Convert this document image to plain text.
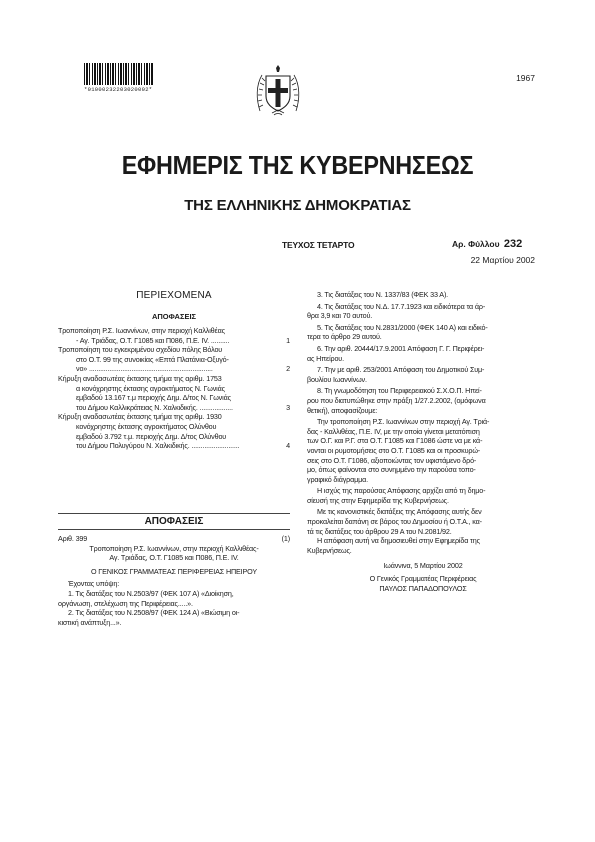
*01000232203020002*
1967
ΕΦΗΜΕΡΙΣ ΤΗΣ ΚΥΒΕΡΝΗΣΕΩΣ
ΤΗΣ ΕΛΛΗΝΙΚΗΣ ΔΗΜΟΚΡΑΤΙΑΣ
ΤΕΥΧΟΣ ΤΕΤΑΡΤΟ	Αρ. Φύλλου 232
22 Μαρτίου 2002
ΠΕΡΙΕΧΟΜΕΝΑ
ΑΠΟΦΑΣΕΙΣ
Τροποποίηση Ρ.Σ. Ιωαννίνων, στην περιοχή Καλλιθέας
- Αγ. Τριάδας, Ο.Τ. Γ1085 και Π086, Π.Ε. IV. ..........	1
Τροποποίηση του εγκεκριμένου σχεδίου πόλης Βόλου
στο Ο.Τ. 99 της συνοικίας «Επτά Πλατάνια-Οξυγό-
νο» ...................................................................	2
Κήρυξη αναδασωτέας έκτασης τμήμα της αριθμ. 1753
α κονόχρηστης έκτασης αγροκτήματος Ν. Γωνιάς
εμβαδού 13.167 τ.μ περιοχής Δημ. Δ/τος Ν. Γωνιάς
του Δήμου Καλλικράτειας Ν. Χαλκιδικής. ..................	3
Κήρυξη αναδασωτέας έκτασης τμήμα της αριθμ. 1930
κονόχρηστης έκτασης αγροκτήματος Ολύνθου
εμβαδού 3.792 τ.μ. περιοχής Δημ. Δ/τος Ολύνθου
του Δήμου Πολυγύρου Ν. Χαλκιδικής. ..........................	4
ΑΠΟΦΑΣΕΙΣ
Αριθ. 399	(1)

Τροποποίηση Ρ.Σ. Ιωαννίνων, στην περιοχή Καλλιθέας-

Αγ. Τριάδας, Ο.Τ. Γ1085 και Π086, Π.Ε. IV.

Ο ΓΕΝΙΚΟΣ ΓΡΑΜΜΑΤΕΑΣ ΠΕΡΙΦΕΡΕΙΑΣ ΗΠΕΙΡΟΥ

Έχοντας υπόψη:

1. Τις διατάξεις του Ν.2503/97 (ΦΕΚ 107 Α) «Διοίκηση,

οργάνωση, στελέχωση της Περιφέρειας.....».

2. Τις διατάξεις του Ν.2508/97 (ΦΕΚ 124 Α) «Βιώσιμη οι-

κιστική ανάπτυξη...».

3. Τις διατάξεις του Ν. 1337/83 (ΦΕΚ 33 Α).

4. Τις διατάξεις του Ν.Δ. 17.7.1923 και ειδικότερα τα άρ-

θρα 3,9 και 70 αυτού.

5. Τις διατάξεις του Ν.2831/2000 (ΦΕΚ 140 Α) και ειδικό-

τερα το άρθρο 29 αυτού.

6. Την αριθ. 20444/17.9.2001 Απόφαση Γ. Γ. Περιφέρει-

ας Ηπείρου.

7. Την με αριθ. 253/2001 Απόφαση του Δημοτικού Συμ-

βουλίου Ιωαννίνων.

8. Τη γνωμοδότηση του Περιφερειακού Σ.Χ.Ο.Π. Ηπεί-

ρου που διατυπώθηκε στην πράξη 1/27.2.2002, (ομόφωνα

θετική), αποφασίζουμε:

Την τροποποίηση Ρ.Σ. Ιωαννίνων στην περιοχή Αγ. Τριά-

δας - Καλλιθέας, Π.Ε. IV, με την οποία γίνεται μετατόπιση

των Ο.Γ. και Ρ.Γ. στα Ο.Τ. Γ1085 και Γ1086 ώστε να με κά-

νονται οι ρυμοτομήσεις στο Ο.Τ. Γ1085 και οι προσκυρώ-

σεις στο Ο.Τ. Γ1086, αξιοποιώντας τον υφιστάμενο δρό-

μο, όπως φαίνονται στο συνημμένο την παρούσα τοπο-

γραφικό διάγραμμα.

Η ισχύς της παρούσας Απόφασης αρχίζει από τη δημο-

σίευσή της στην Εφημερίδα της Κυβερνήσεως.

Με τις κανονιστικές διατάξεις της Απόφασης αυτής δεν

προκαλείται δαπάνη σε βάρος του Δημοσίου ή Ο.Τ.Α., κα-

τά τις διατάξεις του άρθρου 29 Α του Ν.2081/92.

Η απόφαση αυτή να δημοσιευθεί στην Εφημερίδα της

Κυβερνήσεως.

Ιωάννινα, 5 Μαρτίου 2002

Ο Γενικός Γραμματέας Περιφέρειας

ΠΑΥΛΟΣ ΠΑΠΑΔΟΠΟΥΛΟΣ
